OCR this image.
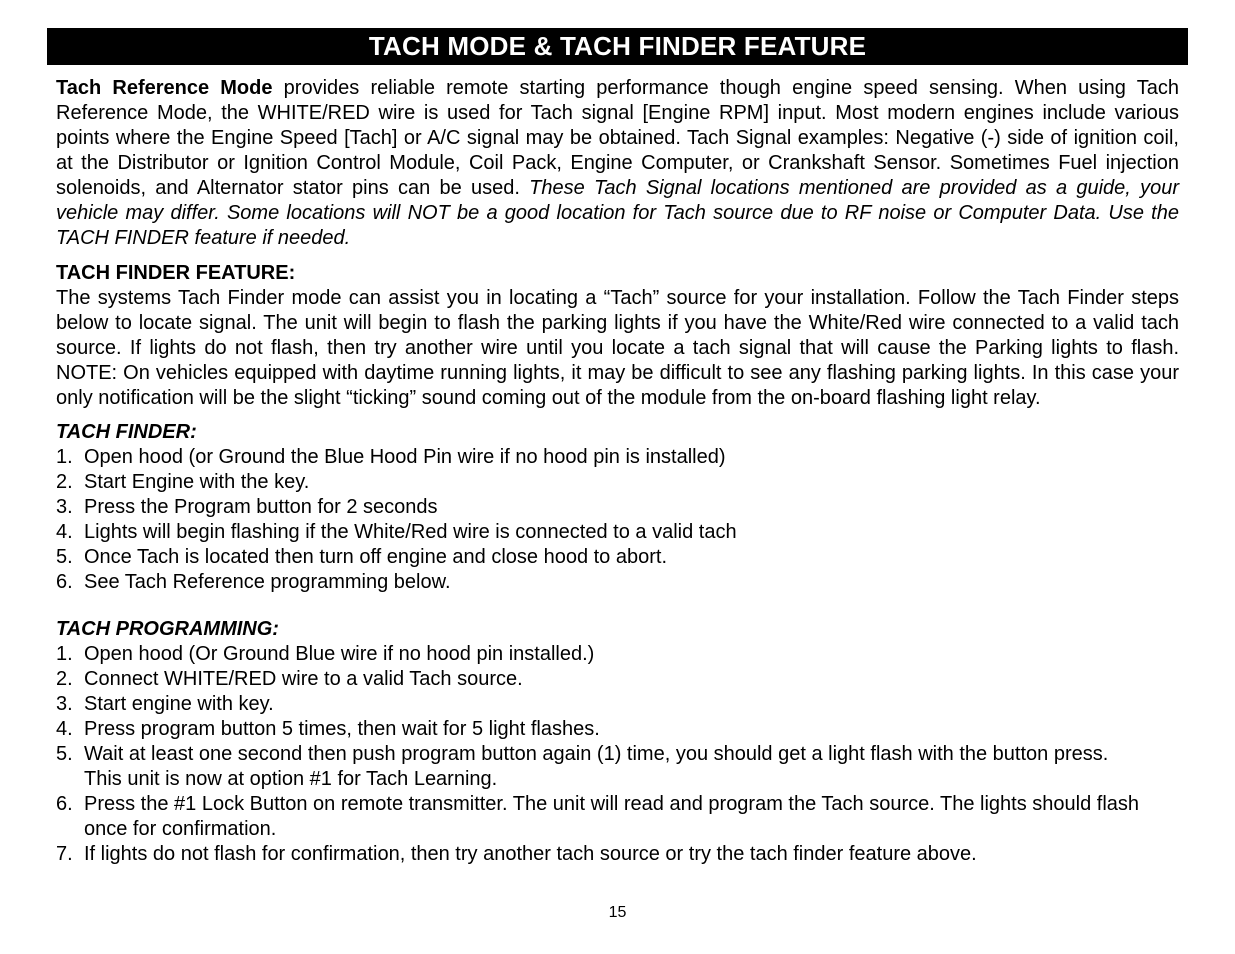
TACH MODE & TACH FINDER FEATURE

Tach Reference Mode provides reliable remote starting performance though engine speed sensing. When using Tach Reference Mode, the WHITE/RED wire is used for Tach signal [Engine RPM] input. Most modern engines include various points where the Engine Speed [Tach] or A/C signal may be obtained. Tach Signal examples: Negative (-) side of ignition coil, at the Distributor or Ignition Control Module, Coil Pack, Engine Computer, or Crankshaft Sensor. Sometimes Fuel injection solenoids, and Alternator stator pins can be used. These Tach Signal locations mentioned are provided as a guide, your vehicle may differ. Some locations will NOT be a good location for Tach source due to RF noise or Computer Data. Use the TACH FINDER feature if needed.

TACH FINDER FEATURE:

The systems Tach Finder mode can assist you in locating a “Tach” source for your installation. Follow the Tach Finder steps below to locate signal. The unit will begin to flash the parking lights if you have the White/Red wire connected to a valid tach source. If lights do not flash, then try another wire until you locate a tach signal that will cause the Parking lights to flash. NOTE: On vehicles equipped with daytime running lights, it may be difficult to see any flashing parking lights. In this case your only notification will be the slight “ticking” sound coming out of the module from the on-board flashing light relay.

TACH FINDER:

1. Open hood (or Ground the Blue Hood Pin wire if no hood pin is installed)
2. Start Engine with the key.
3. Press the Program button for 2 seconds
4. Lights will begin flashing if the White/Red wire is connected to a valid tach
5. Once Tach is located then turn off engine and close hood to abort.
6. See Tach Reference programming below.

TACH PROGRAMMING:

1. Open hood (Or Ground Blue wire if no hood pin installed.)
2. Connect WHITE/RED wire to a valid Tach source.
3. Start engine with key.
4. Press program button 5 times, then wait for 5 light flashes.
5. Wait at least one second then push program button again (1) time, you should get a light flash with the button press. This unit is now at option #1 for Tach Learning.
6. Press the #1 Lock Button on remote transmitter. The unit will read and program the Tach source. The lights should flash once for confirmation.
7. If lights do not flash for confirmation, then try another tach source or try the tach finder feature above.
15
